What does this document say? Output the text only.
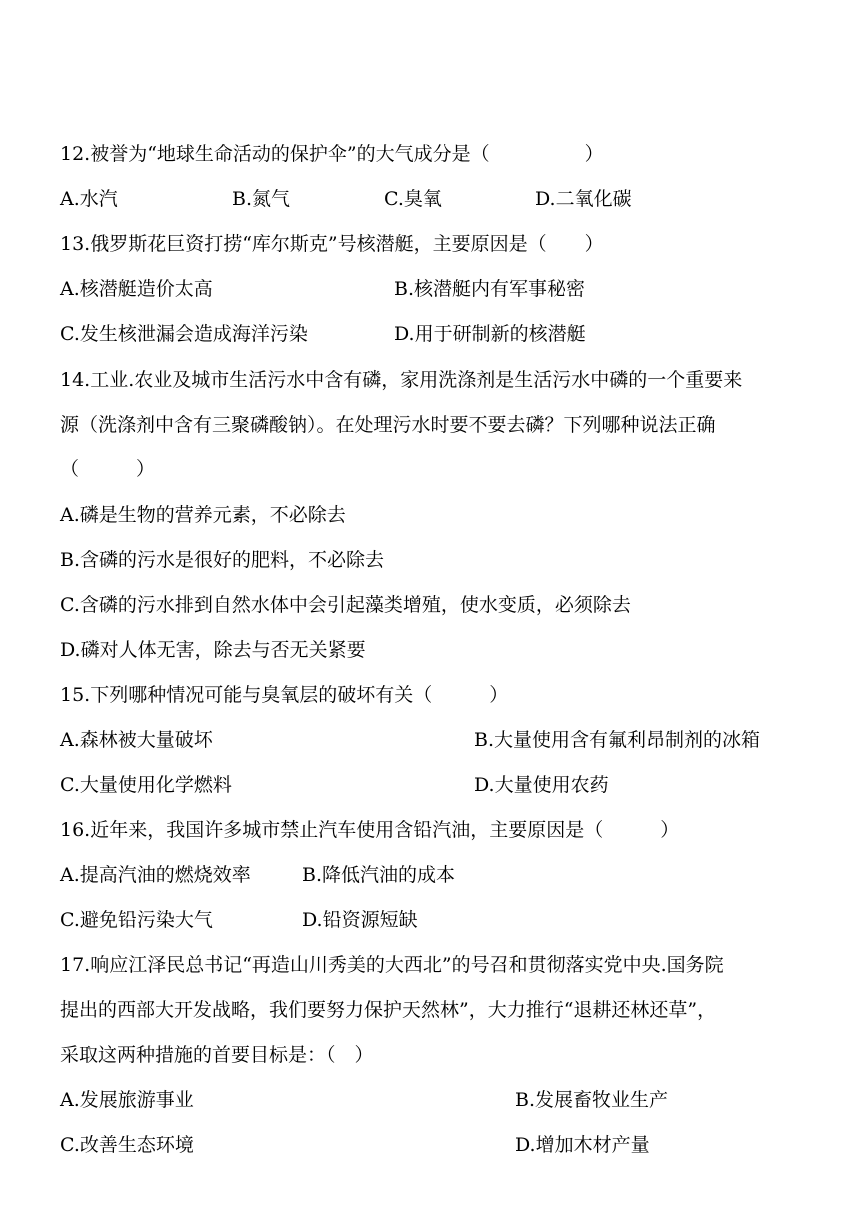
12.被誉为“地球生命活动的保护伞”的大气成分是（　　　　　）
A.水汽	B.氮气	C.臭氧	D.二氧化碳
13.俄罗斯花巨资打捞“库尔斯克”号核潜艇，主要原因是（　　）
A.核潜艇造价太高	B.核潜艇内有军事秘密
C.发生核泄漏会造成海洋污染	D.用于研制新的核潜艇
14.工业.农业及城市生活污水中含有磷，家用洗涤剂是生活污水中磷的一个重要来
源（洗涤剂中含有三聚磷酸钠）。在处理污水时要不要去磷？下列哪种说法正确
（　　　）
A.磷是生物的营养元素，不必除去
B.含磷的污水是很好的肥料，不必除去
C.含磷的污水排到自然水体中会引起藻类增殖，使水变质，必须除去
D.磷对人体无害，除去与否无关紧要
15.下列哪种情况可能与臭氧层的破坏有关（　　　）
A.森林被大量破坏	B.大量使用含有氟利昂制剂的冰箱
C.大量使用化学燃料	D.大量使用农药
16.近年来，我国许多城市禁止汽车使用含铅汽油，主要原因是（　　　）
A.提高汽油的燃烧效率	B.降低汽油的成本
C.避免铅污染大气	D.铅资源短缺
17.响应江泽民总书记“再造山川秀美的大西北”的号召和贯彻落实党中央.国务院
提出的西部大开发战略，我们要努力保护天然林”，大力推行“退耕还林还草”，
采取这两种措施的首要目标是：（　）
A.发展旅游事业	B.发展畜牧业生产
C.改善生态环境	D.增加木材产量
